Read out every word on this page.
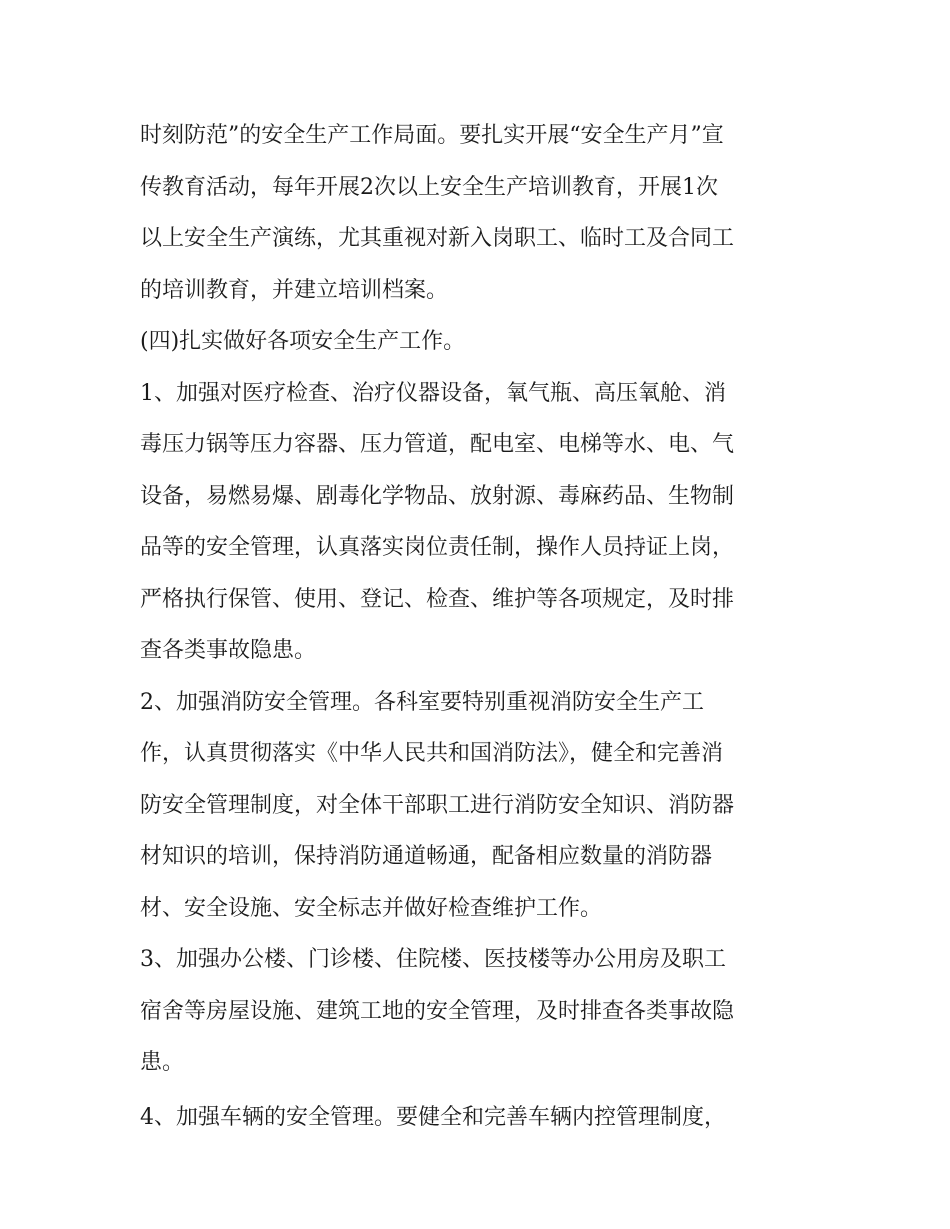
时刻防范”的安全生产工作局面。要扎实开展“安全生产月”宣
传教育活动，每年开展2次以上安全生产培训教育，开展1次
以上安全生产演练，尤其重视对新入岗职工、临时工及合同工
的培训教育，并建立培训档案。
(四)扎实做好各项安全生产工作。
1、加强对医疗检查、治疗仪器设备，氧气瓶、高压氧舱、消
毒压力锅等压力容器、压力管道，配电室、电梯等水、电、气
设备，易燃易爆、剧毒化学物品、放射源、毒麻药品、生物制
品等的安全管理，认真落实岗位责任制，操作人员持证上岗，
严格执行保管、使用、登记、检查、维护等各项规定，及时排
查各类事故隐患。
2、加强消防安全管理。各科室要特别重视消防安全生产工
作，认真贯彻落实《中华人民共和国消防法》，健全和完善消
防安全管理制度，对全体干部职工进行消防安全知识、消防器
材知识的培训，保持消防通道畅通，配备相应数量的消防器
材、安全设施、安全标志并做好检查维护工作。
3、加强办公楼、门诊楼、住院楼、医技楼等办公用房及职工
宿舍等房屋设施、建筑工地的安全管理，及时排查各类事故隐
患。
4、加强车辆的安全管理。要健全和完善车辆内控管理制度，
